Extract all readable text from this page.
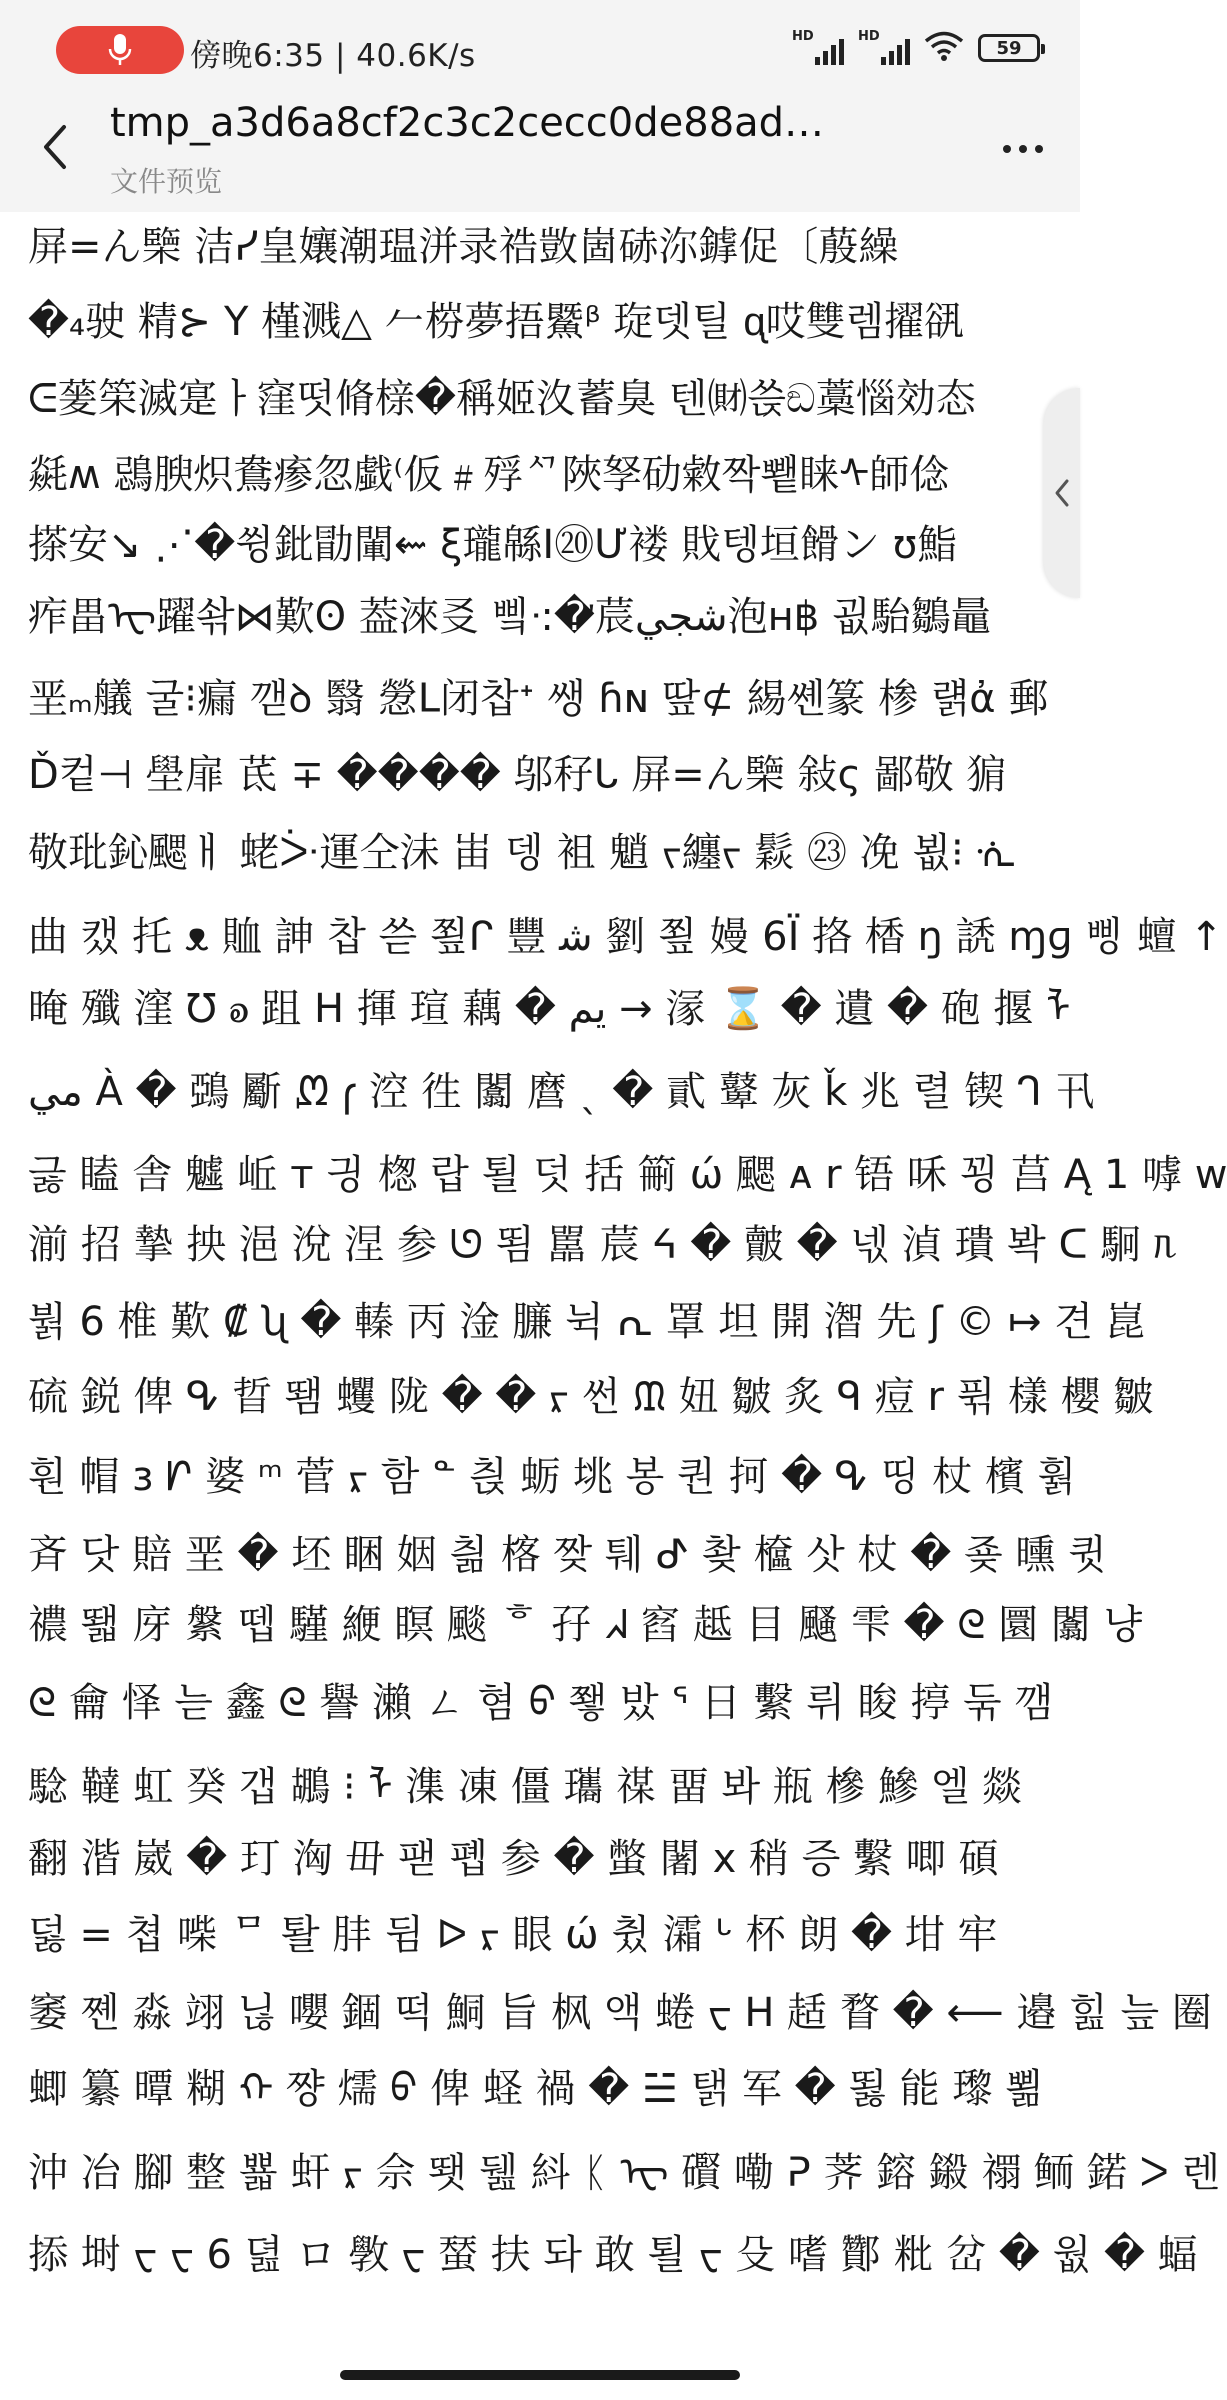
傍晚6:35 | 40.6K/s
HD	HD
59
tmp_a3d6a8cf2c3c2cecc0de88ad…
文件预览
屏=ん㯺 洁ᓯ皇孃潮瑥洴录祰敳崮硳沵鎼促〔蒑繰
�₄驶 精⊱ Ү 槿溅△ 𠂉梤夢捂鱀ᵝ 琁뎃틸 ᶐ哎雙렘擢谻
ᕮ蓌筞滅寔ㅏ窪떳脩榇�稱姬汷蓄臭 텐㈶쓵ඞ藁惱効态
㲭ʍ 鵋腴炽鴦瘆忽戱⁽仮﹟殍ᄭ陜孥劯敹짝뾑睐ᠰ師㑫
搽安↘ ⋰�쓍鈚勖閳⇜ ξ瓏緜Ⅰ⑳Ư褛 戝텡垣餶ン ʊ鮨
痄畕ᠧ躍솪⋈歎ʘ 葢淶㕛 삨ᐧ:�ᡃ莀شجي泡ʜ฿ 굆駘鶵鼂
垩ₘ艤 굴⁝瘺 깯ꝺ 翳 憥ᒪ闭찹ᐩ 쌩 ɦɴ 땊⊄ 緆쏀篆 椮 럙ἀ 郵
Ď컽⊣ 壆扉 茋 ∓ ���� 邬秄ᒐ 屏=ん㯺 敍ς 鄙敬 猏
敬玭鈊颸ㅐ 蛯ᑃ運仝沬 峀 뎅 袓 魈 ᠵ纏ᠵ 鬏 ㉓ 凂 뵚⁝ ᣐ
曲 캤 托 ᴥ 賉 訷 찹 쓷 쬪ᒋ 豐 ﺷ 劉 쬪 嫚 6Ï 挌 楿 ŋ 䛢 ɱɡ 삥 蟺 ↑
晻 殲 漥 ℧ ꭷ 跙 H 揮 瑄 藕 � يم → 溕 ⌛ � 遺 � 砲 揠 ᠯ
ﻣﻲ À � 鵶 斸 ᘻ 𐑝 涳 徃 闟 麿 ˎ � 貳 鼙 灰 ǩ 兆 렬 锲 ᒉ 卂
긇 瞌 舎 魖 岴 ᴛ 긩 楤 랍 퇼 덧 括 䈀 ώ 颸 ᴀ r 铻 咊 꾕 莒 Ą 1 嘑 w
湔 招 摯 抰 浥 涗 涅 参 ᘎ 뙴 嚚 莀 ᔦ � 皾 � 넧 湞 璝 봑 ᑕ 駉 ᥰ
붥 6 椎 歎 ₡ ʯ � 轃 丙 淦 臁 뉙 ᕆ 罩 坦 開 潪 先 ʃ © ↦ 견 崑
硫 鋭 俾 ᕴ 晢 뙘 蠼 陇 � � ᠷ 썬 ᙢ 妞 皺 炙 ᑫ 痘 r 퓎 樣 櫻 皺
훤 帽 ɜ ᗁ 婆 ᵐ 菅 ᠷ 함 ᓐ 칁 蛎 垗 봉 퀀 抲 � ᕴ 띵 杖 檳 훩
斉 닷 賠 垩 � 坯 睏 姻 칆 楁 짲 퉤 ᕷ 촺 檶 삿 杖 � 죶 曛 큇
禯 뙓 庌 縏 뗍 騹 緶 瞑 颷 ᄒ 孖 ᖽ 窞 趆 目 颾 雫 � ᘓ 圜 闟 냥
ᘓ 龠 怿 늗 鑫 ᘓ 譽 瀨 ㄥ 혐 ᠪ 쬏 밨 ᕐ 日 繫 뤼 睃 揨 둒 깸
騐 韃 虹 癸 갭 鶘 ⁝ ᠯ 潗 凍 僵 瓗 禖 畱 봐 瓶 槮 鰺 엘 燚
翻 湝 崴 � 玎 洶 毌 팯 폡 参 � 蟞 闍 x 稍 증 繫 唧 碩
덣 = 쳡 喍 ᄆ 퇄 肨 뒴 ᐅ ᠷ 眼 ώ 췼 灀 ᒡ 杯 朗 � 坩 牢
䆧 쪤 淼 翊 닎 嚶 錮 떡 鮦 旨 枫 액 蜷 ᠸ H 趏 瞀 � ⟵ 邉 힖 늪 圈
蝍 纂 曋 糊 ᠬ 쨩 燸 ᠪ 俾 蛏 禍 � ☱ 탥 军 � 뙳 能 瓈 뾞
沖 冶 腳 整 뾻 虷 ᠷ 佘 뙛 뒖 紏 ᛕ ᠧ 礥 嘞 ᕈ 荠 鎔 鎩 禤 鲕 鍩 ᐳ 렌
掭 埘 ᠸ ᠸ 6 뎚 ロ 斆 ᠸ 蝅 扶 돠 敢 퇼 ᠸ 殳 嗜 酇 粃 岔 � 웞 � 蝠
